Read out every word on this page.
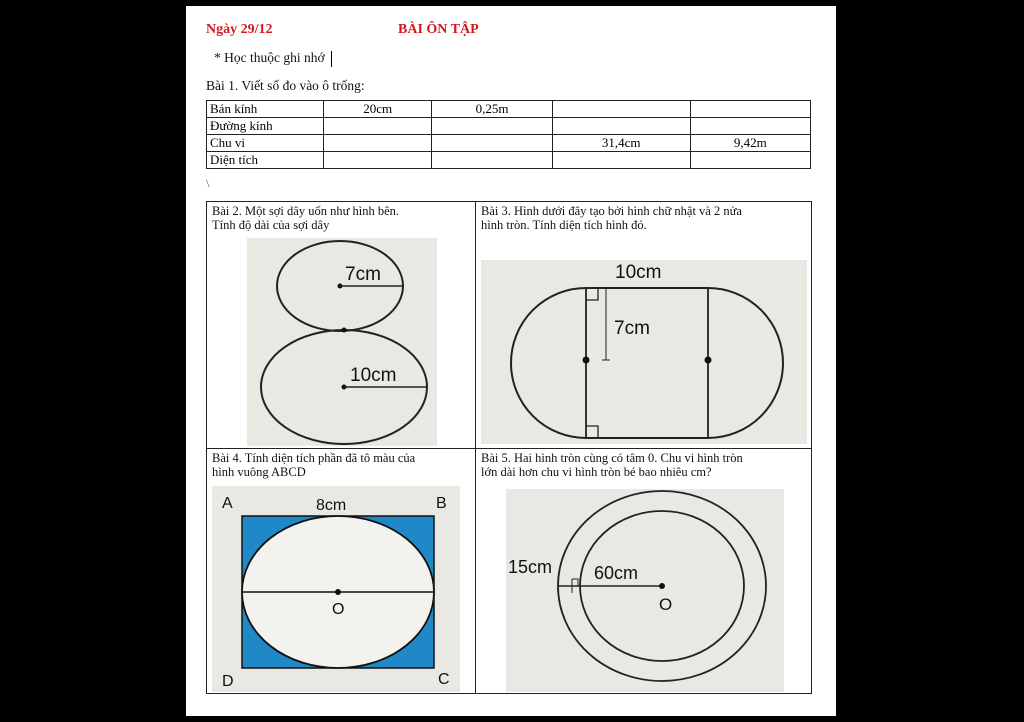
Ngày 29/12	BÀI ÔN TẬP
* Học thuộc ghi nhớ
Bài 1. Viết số đo vào ô trống:
Bán kính	20cm	0,25m		
Đường kính				
Chu vi			31,4cm	9,42m
Diện tích				
\
Bài 2. Một sợi dây uốn như hình bên.
Tính độ dài của sợi dây
7cm
10cm
Bài 3. Hình dưới đây tạo bởi hình chữ nhật và 2 nửa
hình tròn. Tính diện tích hình đó.
10cm
7cm
Bài 4. Tính diện tích phần đã tô màu của
hình vuông ABCD
8cm
A	B
C
D
O
Bài 5. Hai hình tròn cùng có tâm 0. Chu vi hình tròn
lớn dài hơn chu vi hình tròn bé bao nhiêu cm?
15cm 60cm
O
